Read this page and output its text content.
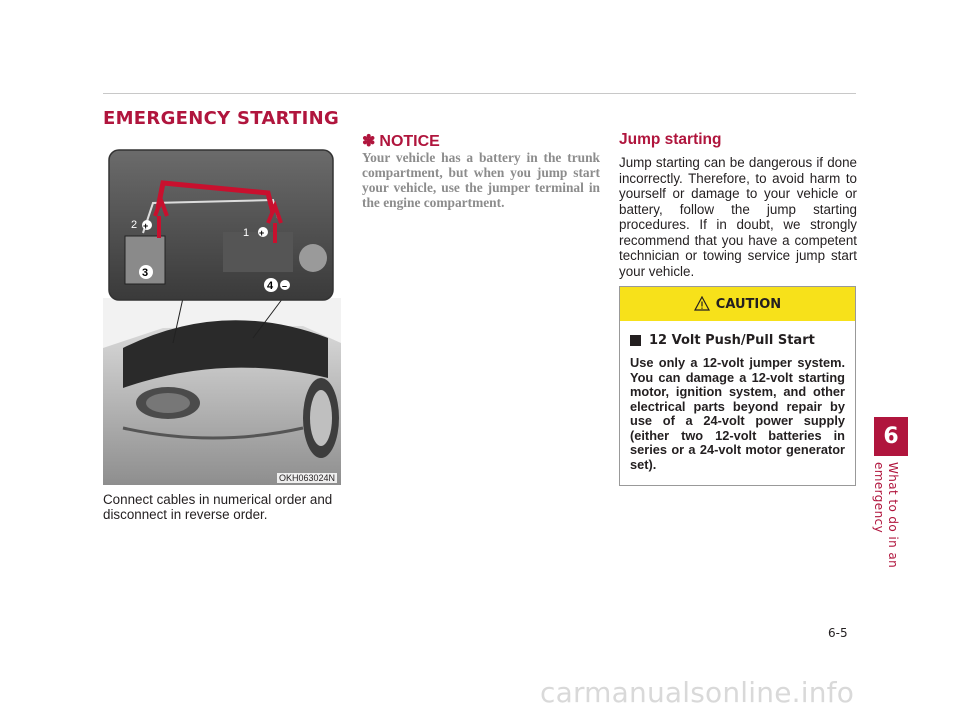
EMERGENCY STARTING
2 +
1 +
3
4 –
OKH063024N
Connect cables in numerical order and disconnect in reverse order.
✽ NOTICE
Your vehicle has a battery in the trunk compartment, but when you jump start your vehicle, use the jumper terminal in the engine compartment.
Jump starting
Jump starting can be dangerous if done incorrectly. Therefore, to avoid harm to yourself or damage to your vehicle or battery, follow the jump starting procedures. If in doubt, we strongly recommend that you have a competent technician or towing service jump start your vehicle.
CAUTION
12 Volt Push/Pull Start
Use only a 12-volt jumper system. You can damage a 12-volt starting motor, ignition system, and other electrical parts beyond repair by use of a 24-volt power supply (either two 12-volt batteries in series or a 24-volt motor generator set).
6
What to do in an emergency
6-5
carmanualsonline.info
